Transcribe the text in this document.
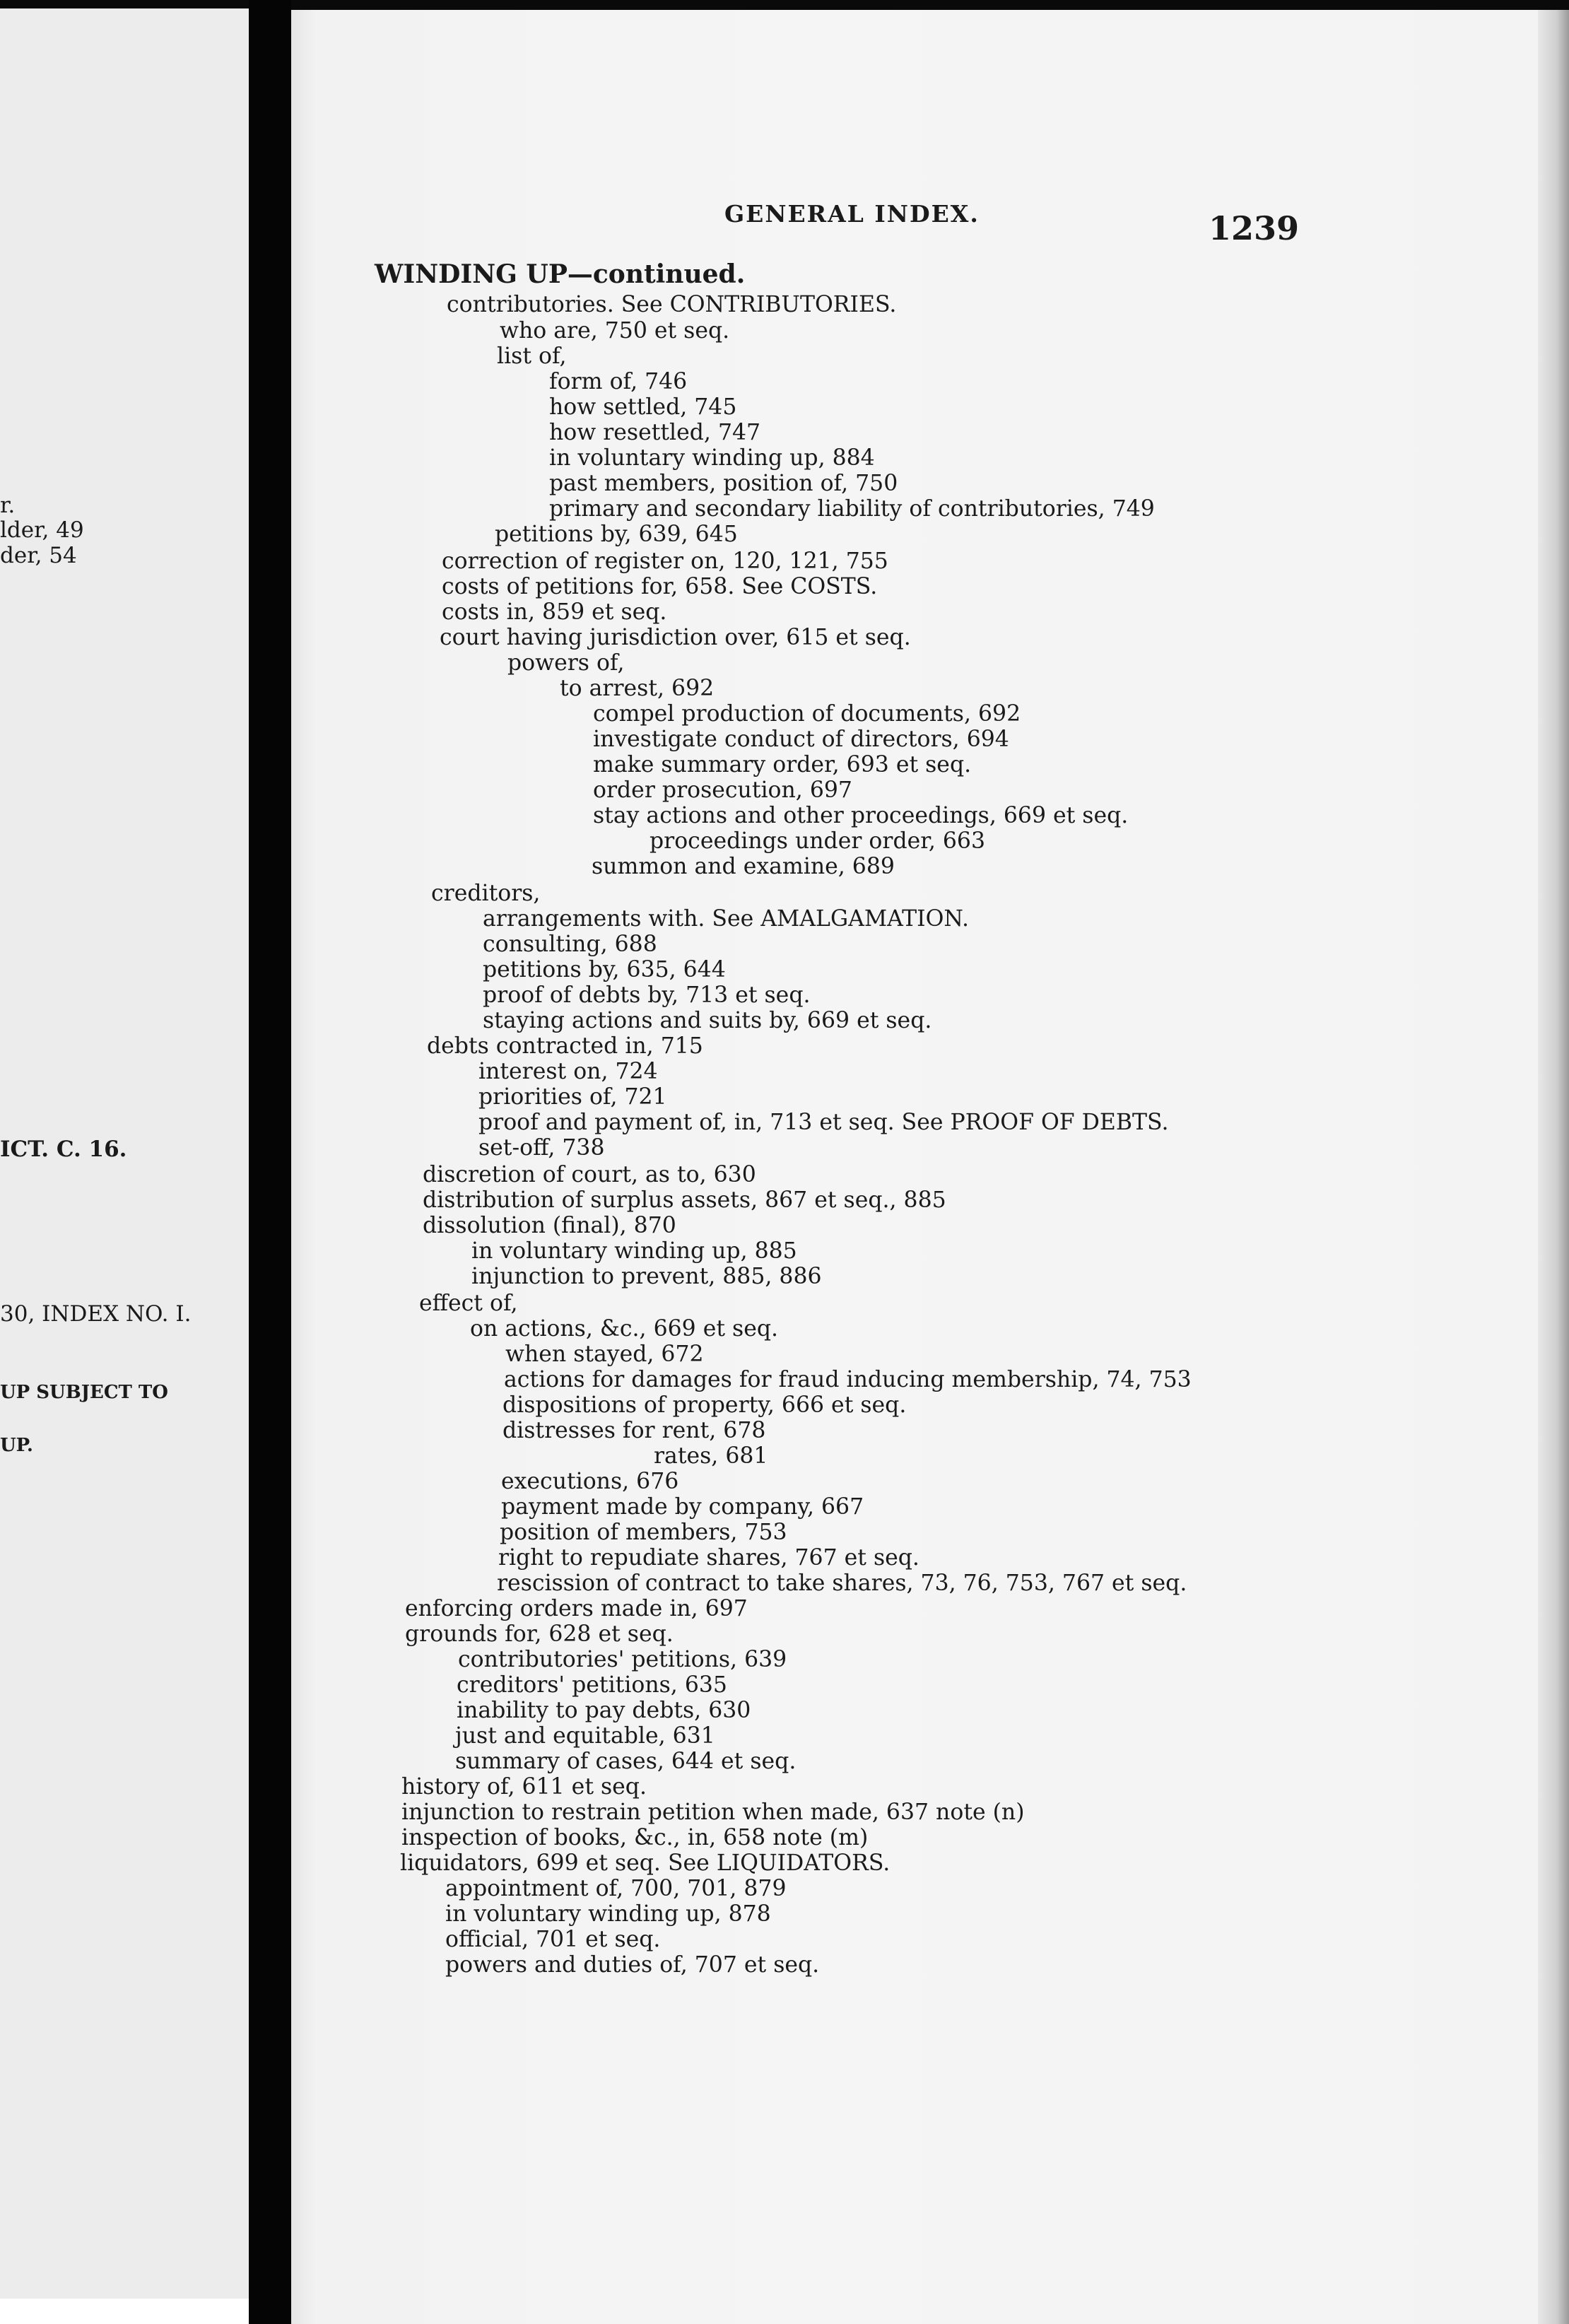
r.
lder, 49
der, 54
ICT. C. 16.
30, INDEX NO. I.
UP SUBJECT TO
UP.
GENERAL INDEX.	1239
WINDING UP—continued.
contributories. See CONTRIBUTORIES.
who are, 750 et seq.
list of,
form of, 746
how settled, 745
how resettled, 747
in voluntary winding up, 884
past members, position of, 750
primary and secondary liability of contributories, 749
petitions by, 639, 645
correction of register on, 120, 121, 755
costs of petitions for, 658. See COSTS.
costs in, 859 et seq.
court having jurisdiction over, 615 et seq.
powers of,
to arrest, 692
compel production of documents, 692
investigate conduct of directors, 694
make summary order, 693 et seq.
order prosecution, 697
stay actions and other proceedings, 669 et seq.
proceedings under order, 663
summon and examine, 689
creditors,
arrangements with. See AMALGAMATION.
consulting, 688
petitions by, 635, 644
proof of debts by, 713 et seq.
staying actions and suits by, 669 et seq.
debts contracted in, 715
interest on, 724
priorities of, 721
proof and payment of, in, 713 et seq. See PROOF OF DEBTS.
set-off, 738
discretion of court, as to, 630
distribution of surplus assets, 867 et seq., 885
dissolution (final), 870
in voluntary winding up, 885
injunction to prevent, 885, 886
effect of,
on actions, &c., 669 et seq.
when stayed, 672
actions for damages for fraud inducing membership, 74, 753
dispositions of property, 666 et seq.
distresses for rent, 678
rates, 681
executions, 676
payment made by company, 667
position of members, 753
right to repudiate shares, 767 et seq.
rescission of contract to take shares, 73, 76, 753, 767 et seq.
enforcing orders made in, 697
grounds for, 628 et seq.
contributories' petitions, 639
creditors' petitions, 635
inability to pay debts, 630
just and equitable, 631
summary of cases, 644 et seq.
history of, 611 et seq.
injunction to restrain petition when made, 637 note (n)
inspection of books, &c., in, 658 note (m)
liquidators, 699 et seq. See LIQUIDATORS.
appointment of, 700, 701, 879
in voluntary winding up, 878
official, 701 et seq.
powers and duties of, 707 et seq.
